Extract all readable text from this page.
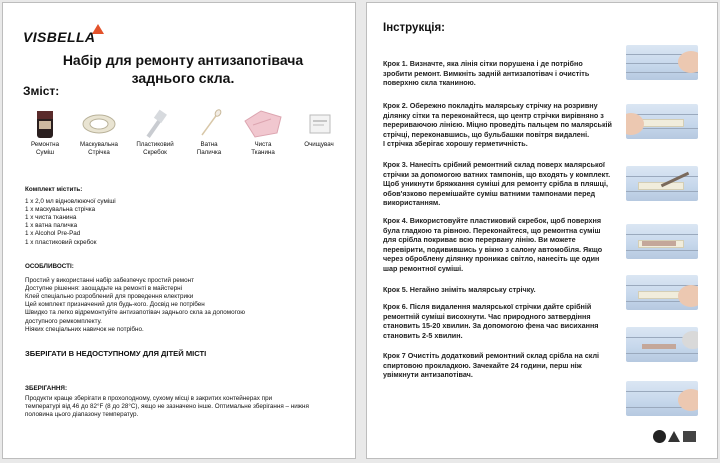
VISBELLA
Набір для ремонту антизапотівача
заднього скла.
Зміст:
Ремонтна
Суміш
Маскувальна
Стрічка
Пластиковий
Скребок
Ватна
Паличка
Чиста
Тканина
Очищувач
Комплект містить:
1 x 2,0 мл відновлюючої суміші
1 x маскувальна стрічка
1 x чиста тканина
1 x ватна паличка
1 x Alcohol Pre-Pad
1 x пластиковий скребок
ОСОБЛИВОСТІ:
Простий у використанні набір забезпечує простий ремонт
Доступне рішення: заощадьте на ремонті в майстерні
Клей спеціально розроблений для проведення електрики
Цей комплект призначений для будь-кого. Досвід не потрібен
Швидко та легко відремонтуйте антизапотівач заднього скла за допомогою
доступного ремкомплекту.
Ніяких спеціальних навичок не потрібно.
ЗБЕРІГАТИ В НЕДОСТУПНОМУ ДЛЯ ДІТЕЙ МІСТІ
ЗБЕРІГАННЯ:
Продукти краще зберігати в прохолодному, сухому місці в закритих контейнерах при
температурі від 46 до 82°F (8 до 28°C), якщо не зазначено інше. Оптимальне зберігання – нижня
половина цього діапазону температур.
Інструкція:
Крок 1. Визначте, яка лінія сітки порушена і де потрібно
зробити ремонт. Вимкніть задній антизапотівач і очистіть
поверхню скла тканиною.
Крок 2. Обережно покладіть малярську стрічку на розривну
ділянку сітки та переконайтеся, що центр стрічки вирівняно з
перериваючою лінією. Міцно проведіть пальцем по малярській
стрічці, переконавшись, що бульбашки повітря видалені.
І стрічка зберігає хорошу герметичність.
Крок 3. Нанесіть срібний ремонтний склад поверх малярської
стрічки за допомогою ватних тампонів, що входять у комплект.
Щоб уникнути бряжкання суміші для ремонту срібла в пляшці,
обов'язково перемішайте суміш ватними тампонами перед
використанням.
Крок 4. Використовуйте пластиковий скребок, щоб поверхня
була гладкою та рівною. Переконайтеся, що ремонтна суміш
для срібла покриває всю перервану лінію. Ви можете
перевірити, подивившись у вікно з салону автомобіля. Якщо
через оброблену ділянку проникає світло, нанесіть ще один
шар ремонтної суміші.
Крок 5. Негайно зніміть малярську стрічку.
Крок 6. Після видалення малярської стрічки дайте срібній
ремонтній суміші висохнути. Час природного затвердіння
становить 15-20 хвилин. За допомогою фена час висихання
становить 2-5 хвилин.
Крок 7 Очистіть додатковий ремонтний склад срібла на склі
спиртовою прокладкою. Зачекайте 24 години, перш ніж
увімкнути антизапотівач.
